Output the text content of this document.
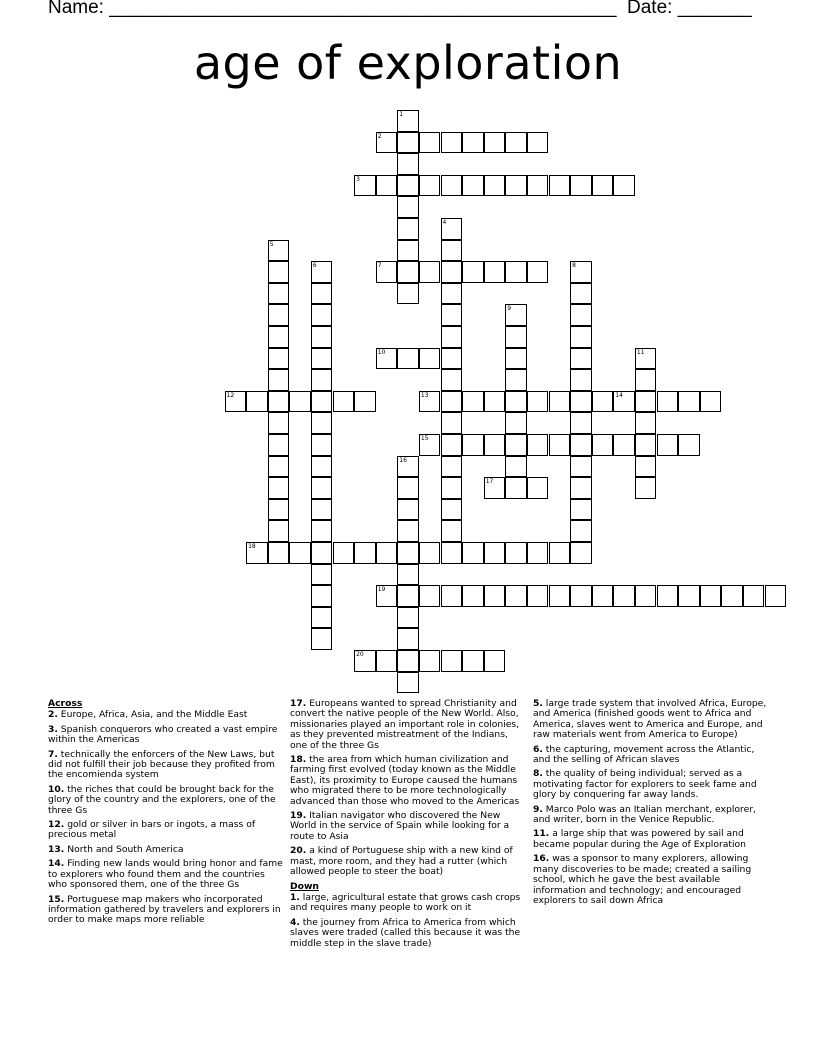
Name: ________________________________________________ Date: _______
age of exploration
1
2
3
4
5
6	7	8
9
10	11
12	13	14
15
16
17
18
19
20
Across
2. Europe, Africa, Asia, and the Middle East
3. Spanish conquerors who created a vast empire within the Americas
7. technically the enforcers of the New Laws, but did not fulfill their job because they profited from the encomienda system
10. the riches that could be brought back for the glory of the country and the explorers, one of the three Gs
12. gold or silver in bars or ingots, a mass of precious metal
13. North and South America
14. Finding new lands would bring honor and fame to explorers who found them and the countries who sponsored them, one of the three Gs
15. Portuguese map makers who incorporated information gathered by travelers and explorers in order to make maps more reliable
17. Europeans wanted to spread Christianity and convert the native people of the New World. Also, missionaries played an important role in colonies, as they prevented mistreatment of the Indians, one of the three Gs
18. the area from which human civilization and farming first evolved (today known as the Middle East), its proximity to Europe caused the humans who migrated there to be more technologically advanced than those who moved to the Americas
19. Italian navigator who discovered the New World in the service of Spain while looking for a route to Asia
20. a kind of Portuguese ship with a new kind of mast, more room, and they had a rutter (which allowed people to steer the boat)
Down
1. large, agricultural estate that grows cash crops and requires many people to work on it
4. the journey from Africa to America from which slaves were traded (called this because it was the middle step in the slave trade)
5. large trade system that involved Africa, Europe, and America (finished goods went to Africa and America, slaves went to America and Europe, and raw materials went from America to Europe)
6. the capturing, movement across the Atlantic, and the selling of African slaves
8. the quality of being individual; served as a motivating factor for explorers to seek fame and glory by conquering far away lands.
9. Marco Polo was an Italian merchant, explorer, and writer, born in the Venice Republic.
11. a large ship that was powered by sail and became popular during the Age of Exploration
16. was a sponsor to many explorers, allowing many discoveries to be made; created a sailing school, which he gave the best available information and technology; and encouraged explorers to sail down Africa
